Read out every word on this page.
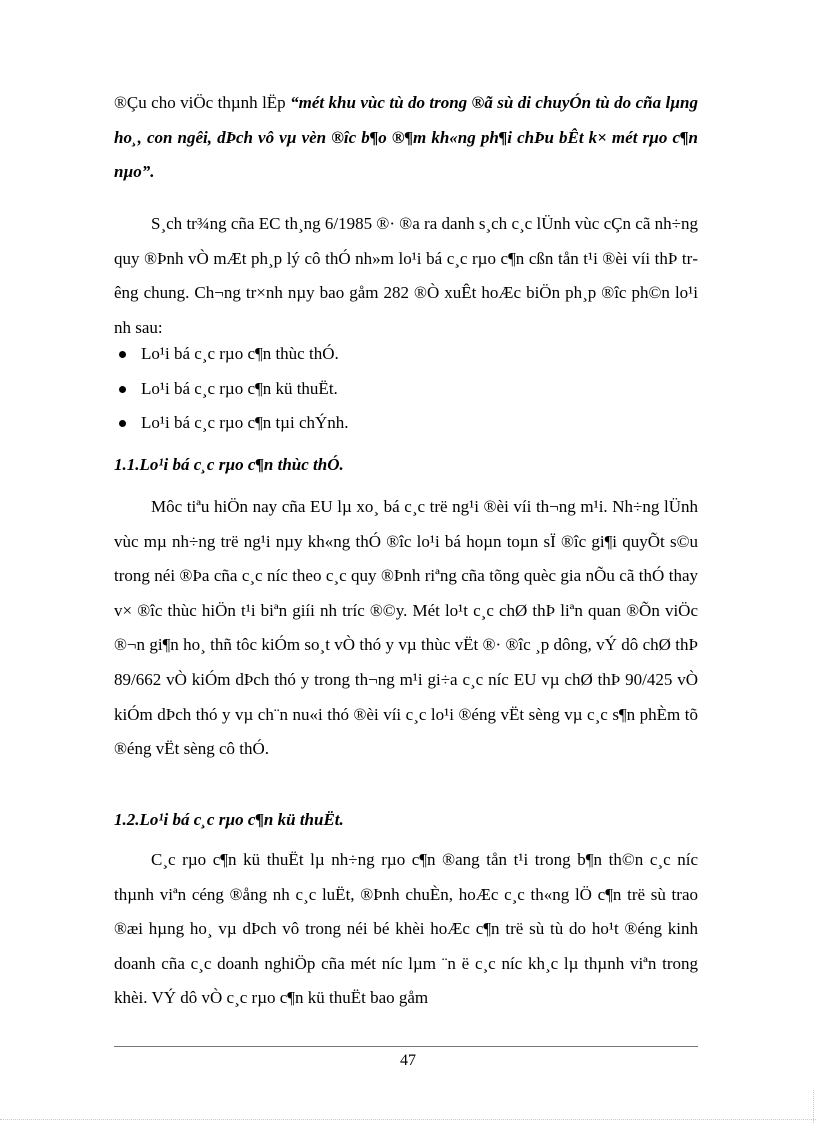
®Çu cho viÖc thµnh lËp “mét khu vùc tù do trong ®ã sù di chuyÓn tù do cña lµng ho¸, con ngêi, dÞch vô vµ vèn ®îc b¶o ®¶m kh«ng ph¶i chÞu bÊt k× mét rµo c¶n nµo”.

S¸ch tr¾ng cña EC th¸ng 6/1985 ®· ®a ra danh s¸ch c¸c lÜnh vùc cÇn cã nh÷ng quy ®Þnh vÒ mÆt ph¸p lý cô thÓ nh»m lo¹i bá c¸c rµo c¶n cßn tån t¹i ®èi víi thÞ trêng chung. Ch¬ng tr×nh nµy bao gåm 282 ®Ò xuÊt hoÆc biÖn ph¸p ®îc ph©n lo¹i nh sau:

Lo¹i bá c¸c rµo c¶n thùc thÓ.
Lo¹i bá c¸c rµo c¶n kü thuËt.
Lo¹i bá c¸c rµo c¶n tµi chÝnh.
1.1.Lo¹i bá c¸c rµo c¶n thùc thÓ.

Môc tiªu hiÖn nay cña EU lµ xo¸ bá c¸c trë ng¹i ®èi víi th¬ng m¹i. Nh÷ng lÜnh vùc mµ nh÷ng trë ng¹i nµy kh«ng thÓ ®îc lo¹i bá hoµn toµn sÏ ®îc gi¶i quyÕt s©u trong néi ®Þa cña c¸c níc theo c¸c quy ®Þnh riªng cña tõng quèc gia nÕu cã thÓ thay v× ®îc thùc hiÖn t¹i biªn giíi nh tríc ®©y. Mét lo¹t c¸c chØ thÞ liªn quan ®Õn viÖc ®¬n gi¶n ho¸ thñ tôc kiÓm so¸t vÒ thó y vµ thùc vËt ®· ®îc ¸p dông, vÝ dô chØ thÞ 89/662 vÒ kiÓm dÞch thó y trong th¬ng m¹i gi÷a c¸c níc EU vµ chØ thÞ 90/425 vÒ kiÓm dÞch thó y vµ ch¨n nu«i thó ®èi víi c¸c lo¹i ®éng vËt sèng vµ c¸c s¶n phÈm tõ ®éng vËt sèng cô thÓ.

1.2.Lo¹i bá c¸c rµo c¶n kü thuËt.

C¸c rµo c¶n kü thuËt lµ nh÷ng rµo c¶n ®ang tån t¹i trong b¶n th©n c¸c níc thµnh viªn céng ®ång nh c¸c luËt, ®Þnh chuÈn, hoÆc c¸c th«ng lÖ c¶n trë sù trao ®æi hµng ho¸ vµ dÞch vô trong néi bé khèi hoÆc c¶n trë sù tù do ho¹t ®éng kinh doanh cña c¸c doanh nghiÖp cña mét níc lµm ¨n ë c¸c níc kh¸c lµ thµnh viªn trong khèi. VÝ dô vÒ c¸c rµo c¶n kü thuËt bao gåm

47
